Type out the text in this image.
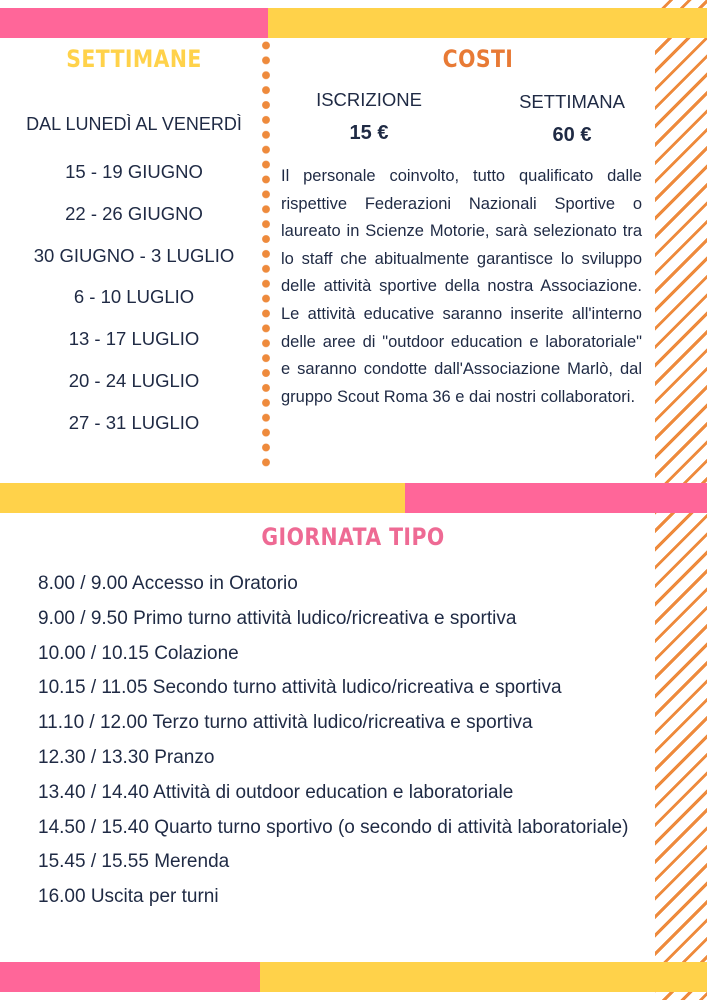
SETTIMANE
DAL LUNEDÌ AL VENERDÌ
15 - 19 GIUGNO
22 - 26 GIUGNO
30 GIUGNO - 3 LUGLIO
6 - 10 LUGLIO
13 - 17 LUGLIO
20 - 24 LUGLIO
27 - 31 LUGLIO
COSTI
ISCRIZIONE
15 €
SETTIMANA
60 €

Il personale coinvolto, tutto qualificato dalle rispettive Federazioni Nazionali Sportive o laureato in Scienze Motorie, sarà selezionato tra lo staff che abitualmente garantisce lo sviluppo delle attività sportive della nostra Associazione. Le attività educative saranno inserite all'interno delle aree di "outdoor education e laboratoriale" e saranno condotte dall'Associazione Marlò, dal gruppo Scout Roma 36 e dai nostri collaboratori.

GIORNATA TIPO
8.00 / 9.00 Accesso in Oratorio
9.00 / 9.50 Primo turno attività ludico/ricreativa e sportiva
10.00 / 10.15 Colazione
10.15 / 11.05 Secondo turno attività ludico/ricreativa e sportiva
11.10 / 12.00 Terzo turno attività ludico/ricreativa e sportiva
12.30 / 13.30 Pranzo
13.40 / 14.40 Attività di outdoor education e laboratoriale
14.50 / 15.40 Quarto turno sportivo (o secondo di attività laboratoriale)
15.45 / 15.55 Merenda
16.00 Uscita per turni
